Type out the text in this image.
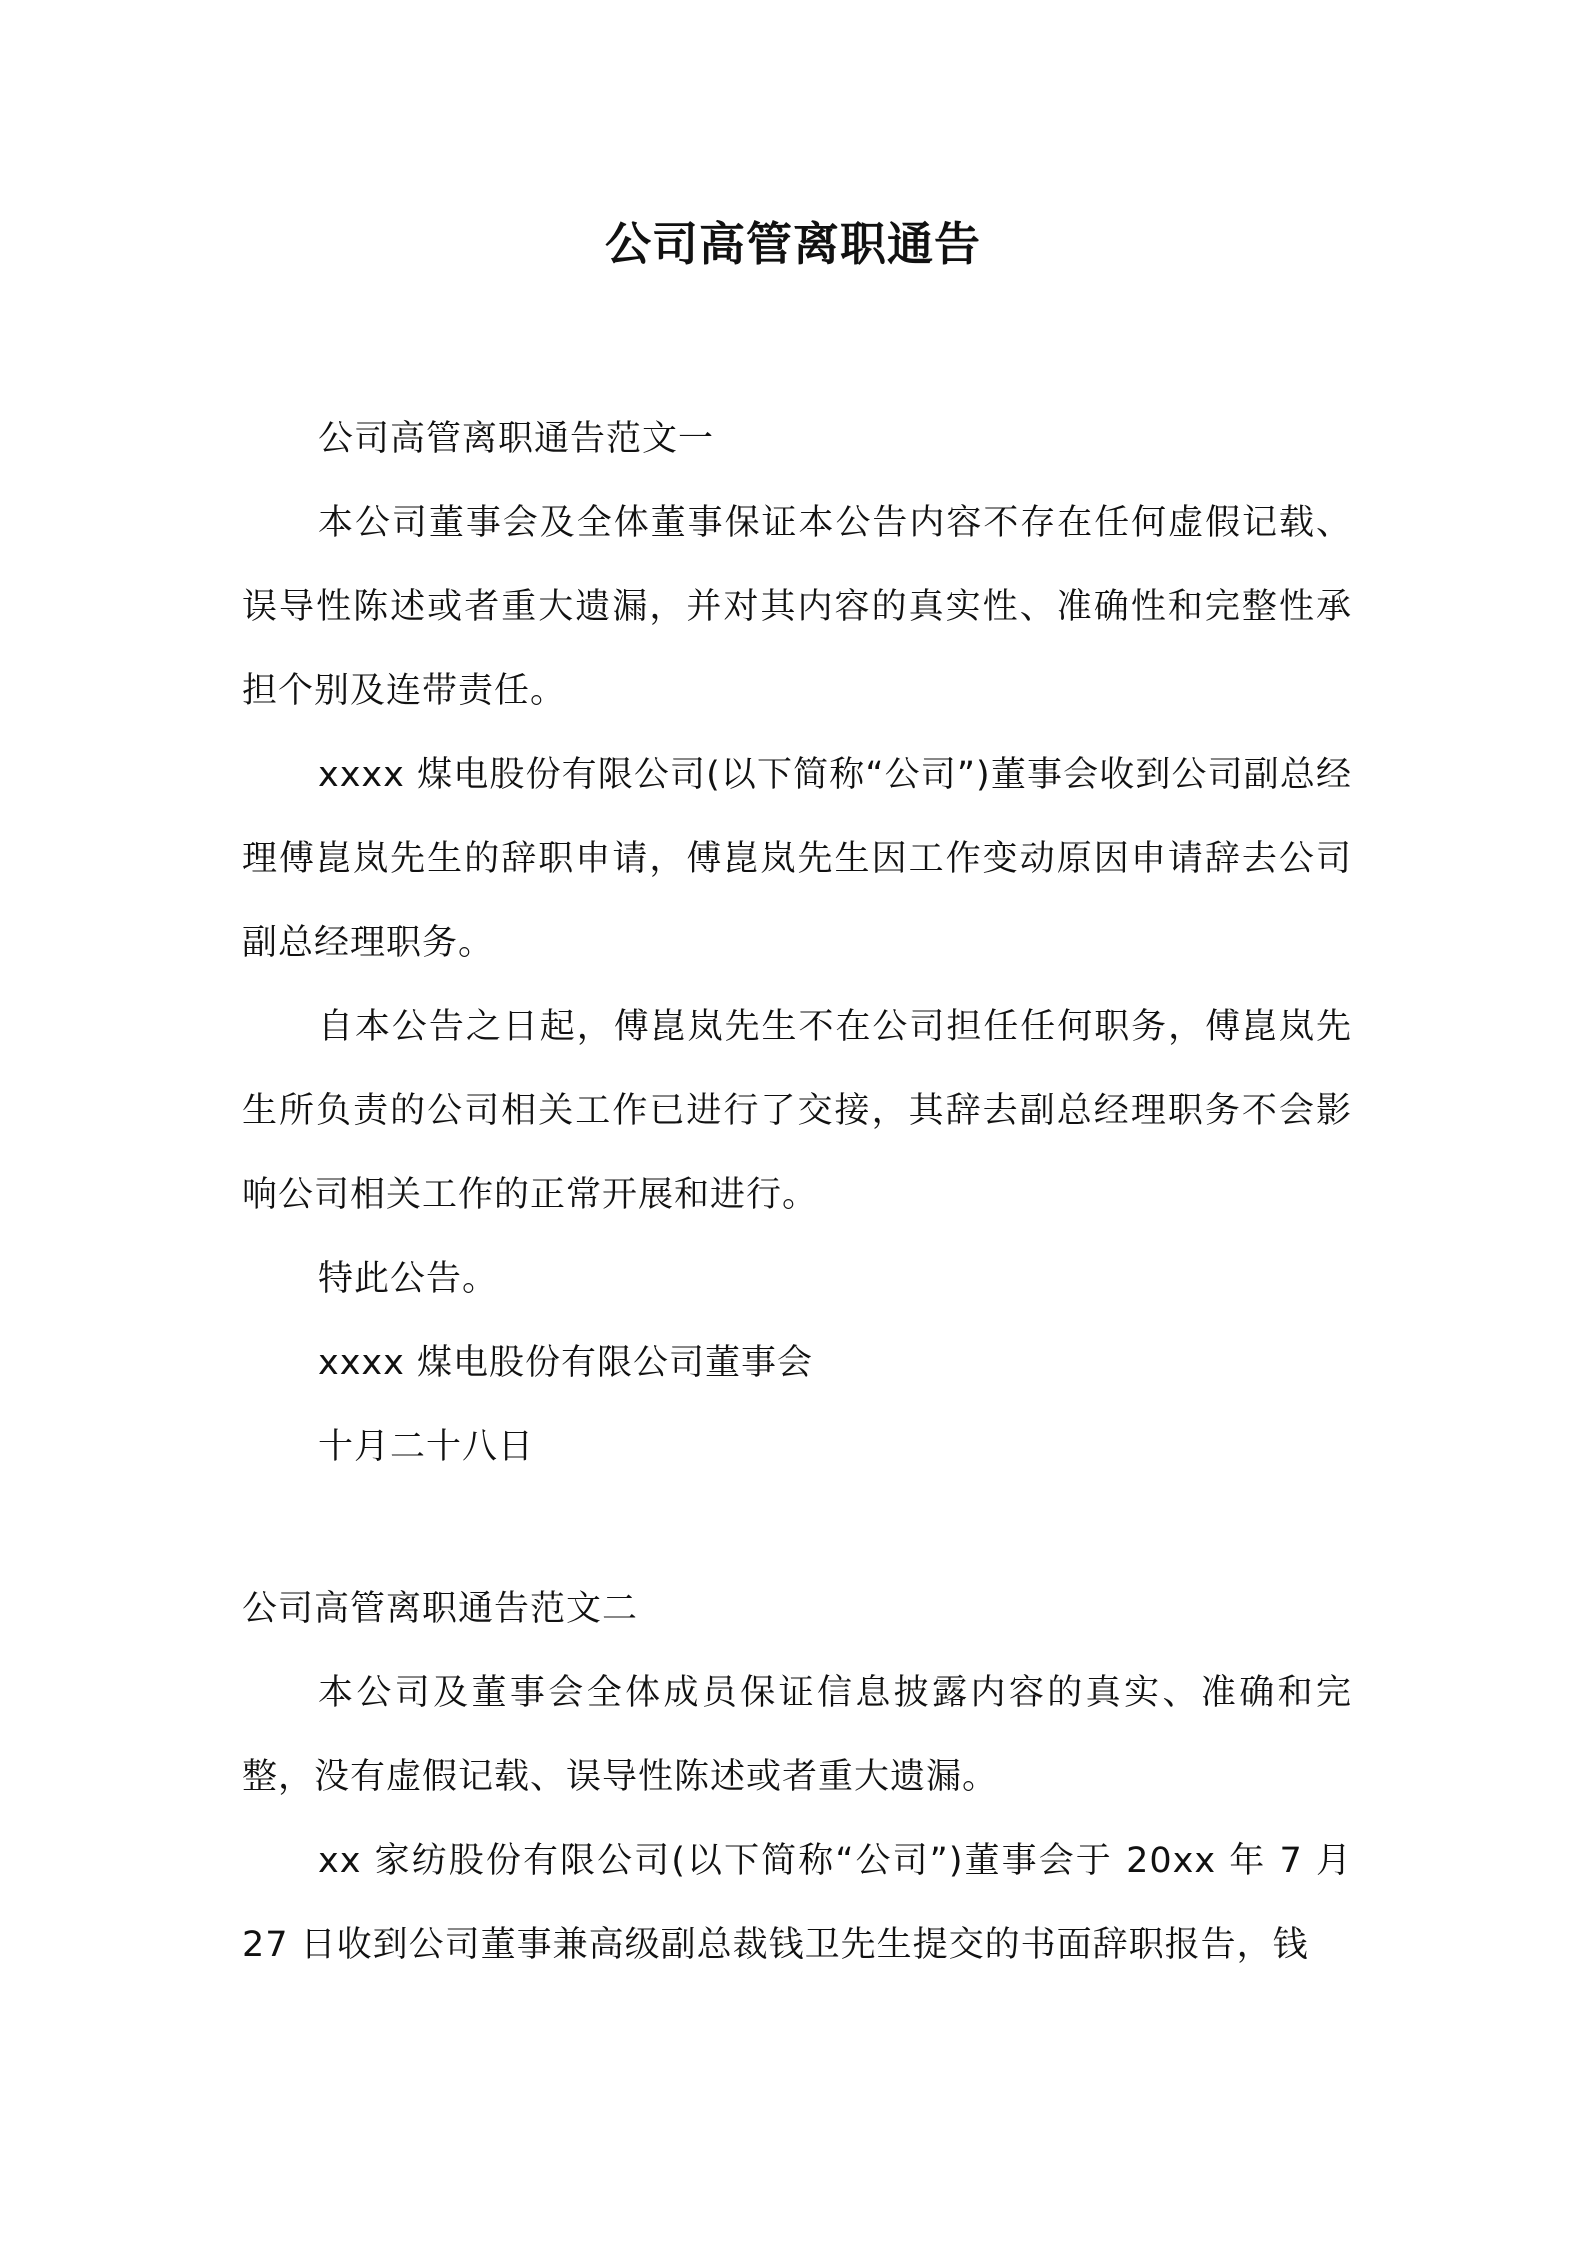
公司高管离职通告

公司高管离职通告范文一

本公司董事会及全体董事保证本公告内容不存在任何虚假记载、误导性陈述或者重大遗漏，并对其内容的真实性、准确性和完整性承担个别及连带责任。

xxxx 煤电股份有限公司(以下简称“公司”)董事会收到公司副总经理傅崑岚先生的辞职申请，傅崑岚先生因工作变动原因申请辞去公司副总经理职务。

自本公告之日起，傅崑岚先生不在公司担任任何职务，傅崑岚先生所负责的公司相关工作已进行了交接，其辞去副总经理职务不会影响公司相关工作的正常开展和进行。

特此公告。

xxxx 煤电股份有限公司董事会

十月二十八日

公司高管离职通告范文二

本公司及董事会全体成员保证信息披露内容的真实、准确和完整，没有虚假记载、误导性陈述或者重大遗漏。

xx 家纺股份有限公司(以下简称“公司”)董事会于 20xx 年 7 月 27 日收到公司董事兼高级副总裁钱卫先生提交的书面辞职报告，钱
